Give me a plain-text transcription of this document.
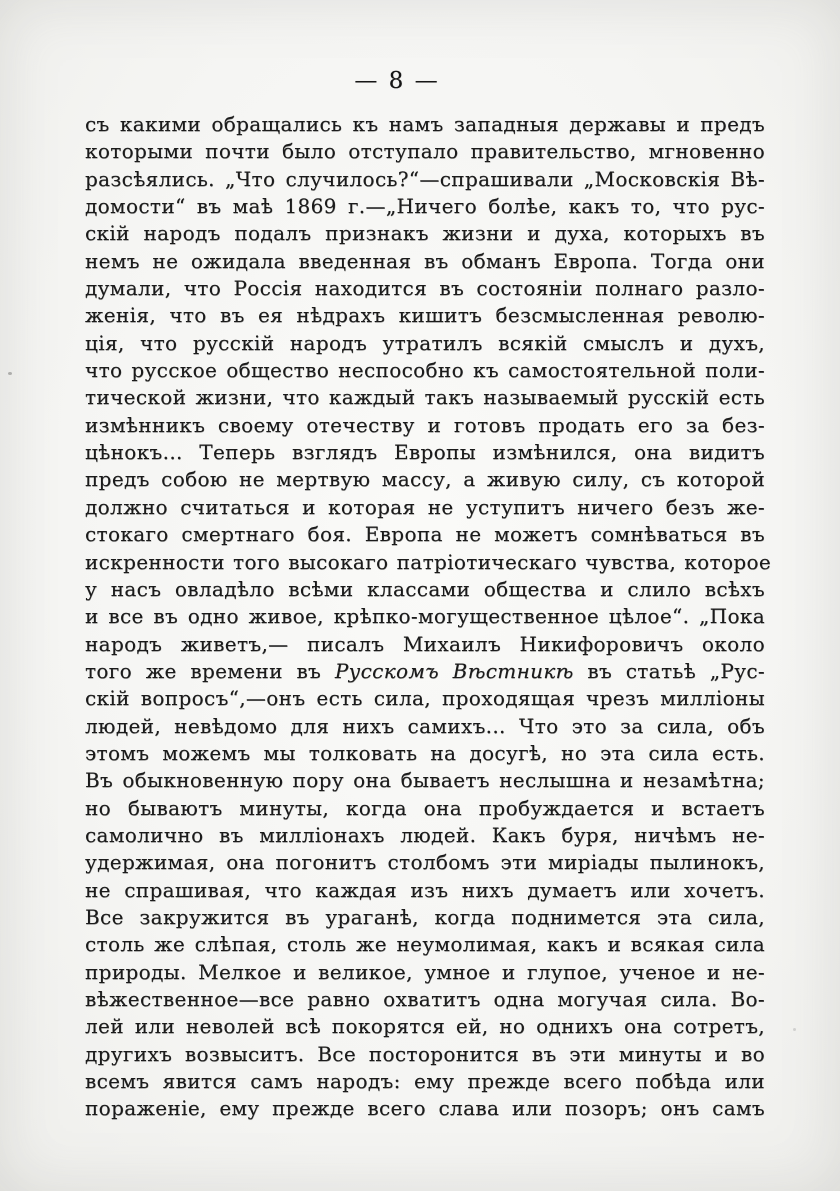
— 8 —
съ какими обращались къ намъ западныя державы и предъ
которыми почти было отступало правительство, мгновенно
разсѣялись. „Что случилось?“—спрашивали „Московскія Вѣ-
домости“ въ маѣ 1869 г.—„Ничего болѣе, какъ то, что рус-
скій народъ подалъ признакъ жизни и духа, которыхъ въ
немъ не ожидала введенная въ обманъ Европа. Тогда они
думали, что Россія находится въ состояніи полнаго разло-
женія, что въ ея нѣдрахъ кишитъ безсмысленная револю-
ція, что русскій народъ утратилъ всякій смыслъ и духъ,
что русское общество неспособно къ самостоятельной поли-
тической жизни, что каждый такъ называемый русскій есть
измѣнникъ своему отечеству и готовъ продать его за без-
цѣнокъ... Теперь взглядъ Европы измѣнился, она видитъ
предъ собою не мертвую массу, а живую силу, съ которой
должно считаться и которая не уступитъ ничего безъ же-
стокаго смертнаго боя. Европа не можетъ сомнѣваться въ
искренности того высокаго патріотическаго чувства, которое
у насъ овладѣло всѣми классами общества и слило всѣхъ
и все въ одно живое, крѣпко-могущественное цѣлое“. „Пока
народъ живетъ,— писалъ Михаилъ Никифоровичъ около
того же времени въ Русскомъ Вѣстникѣ въ статьѣ „Рус-
скій вопросъ“,—онъ есть сила, проходящая чрезъ милліоны
людей, невѣдомо для нихъ самихъ... Что это за сила, объ
этомъ можемъ мы толковать на досугѣ, но эта сила есть.
Въ обыкновенную пору она бываетъ неслышна и незамѣтна;
но бываютъ минуты, когда она пробуждается и встаетъ
самолично въ милліонахъ людей. Какъ буря, ничѣмъ не-
удержимая, она погонитъ столбомъ эти миріады пылинокъ,
не спрашивая, что каждая изъ нихъ думаетъ или хочетъ.
Все закружится въ ураганѣ, когда поднимется эта сила,
столь же слѣпая, столь же неумолимая, какъ и всякая сила
природы. Мелкое и великое, умное и глупое, ученое и не-
вѣжественное—все равно охватитъ одна могучая сила. Во-
лей или неволей всѣ покорятся ей, но однихъ она сотретъ,
другихъ возвыситъ. Все посторонится въ эти минуты и во
всемъ явится самъ народъ: ему прежде всего побѣда или
пораженіе, ему прежде всего слава или позоръ; онъ самъ
